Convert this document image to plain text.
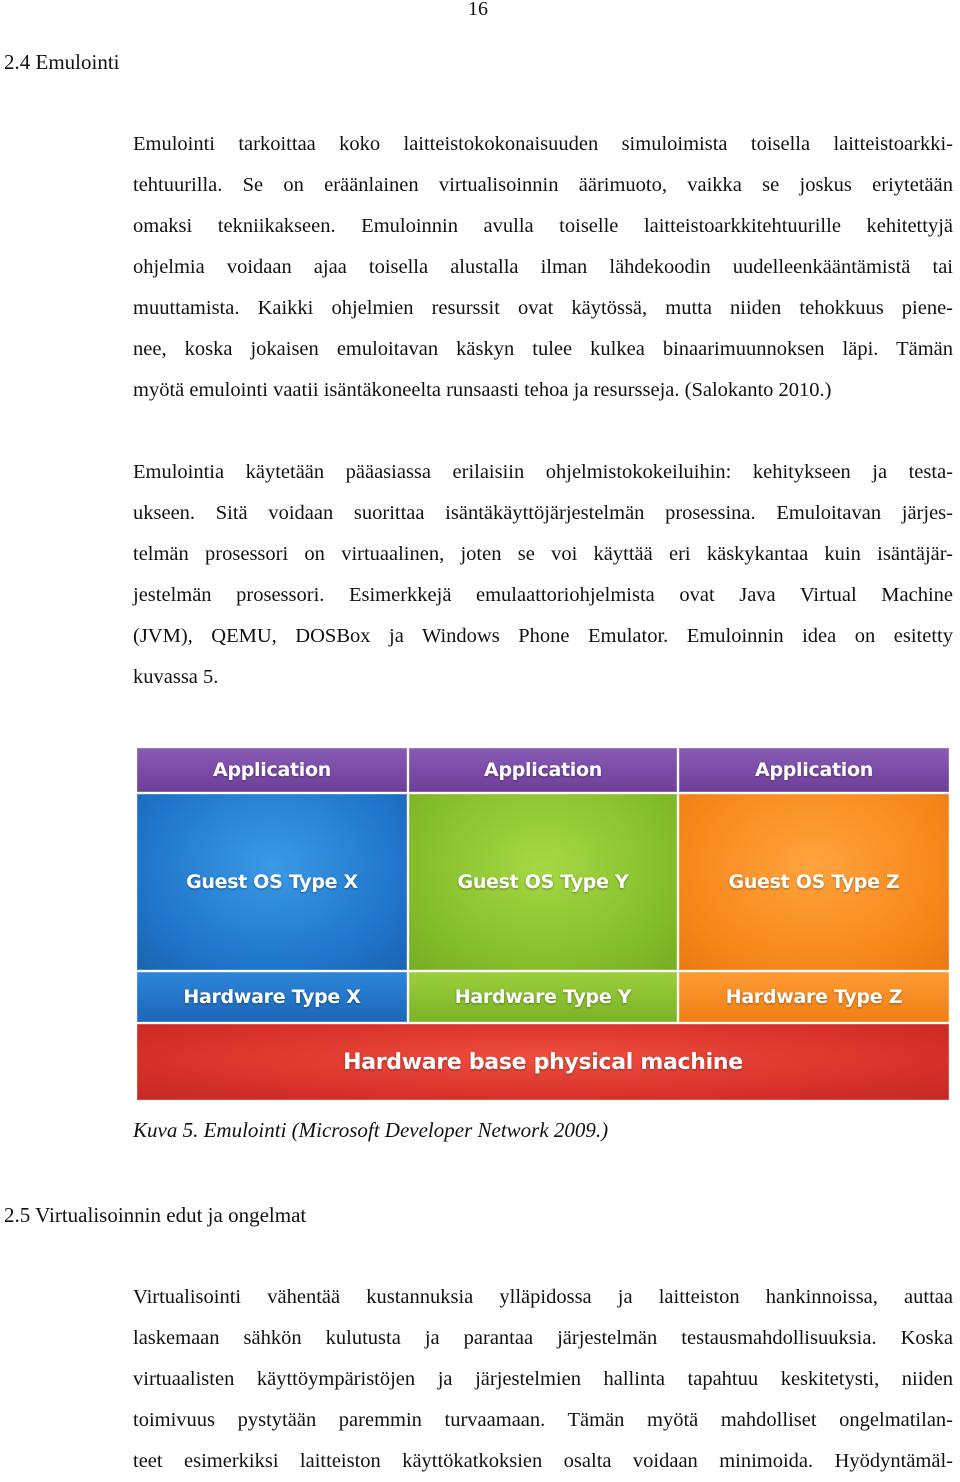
16
2.4 Emulointi
Emulointi tarkoittaa koko laitteistokokonaisuuden simuloimista toisella laitteistoarkki-
tehtuurilla. Se on eräänlainen virtualisoinnin äärimuoto, vaikka se joskus eriytetään
omaksi tekniikakseen. Emuloinnin avulla toiselle laitteistoarkkitehtuurille kehitettyjä
ohjelmia voidaan ajaa toisella alustalla ilman lähdekoodin uudelleenkääntämistä tai
muuttamista. Kaikki ohjelmien resurssit ovat käytössä, mutta niiden tehokkuus piene-
nee, koska jokaisen emuloitavan käskyn tulee kulkea binaarimuunnoksen läpi. Tämän
myötä emulointi vaatii isäntäkoneelta runsaasti tehoa ja resursseja. (Salokanto 2010.)
Emulointia käytetään pääasiassa erilaisiin ohjelmistokokeiluihin: kehitykseen ja testa-
ukseen. Sitä voidaan suorittaa isäntäkäyttöjärjestelmän prosessina. Emuloitavan järjes-
telmän prosessori on virtuaalinen, joten se voi käyttää eri käskykantaa kuin isäntäjär-
jestelmän prosessori. Esimerkkejä emulaattoriohjelmista ovat Java Virtual Machine
(JVM), QEMU, DOSBox ja Windows Phone Emulator. Emuloinnin idea on esitetty
kuvassa 5.
Application	Application	Application
Guest OS Type X	Guest OS Type Y	Guest OS Type Z
Hardware Type X	Hardware Type Y	Hardware Type Z
Hardware base physical machine

Kuva 5. Emulointi (Microsoft Developer Network 2009.)

2.5 Virtualisoinnin edut ja ongelmat
Virtualisointi vähentää kustannuksia ylläpidossa ja laitteiston hankinnoissa, auttaa
laskemaan sähkön kulutusta ja parantaa järjestelmän testausmahdollisuuksia. Koska
virtuaalisten käyttöympäristöjen ja järjestelmien hallinta tapahtuu keskitetysti, niiden
toimivuus pystytään paremmin turvaamaan. Tämän myötä mahdolliset ongelmatilan-
teet esimerkiksi laitteiston käyttökatkoksien osalta voidaan minimoida. Hyödyntämäl-
